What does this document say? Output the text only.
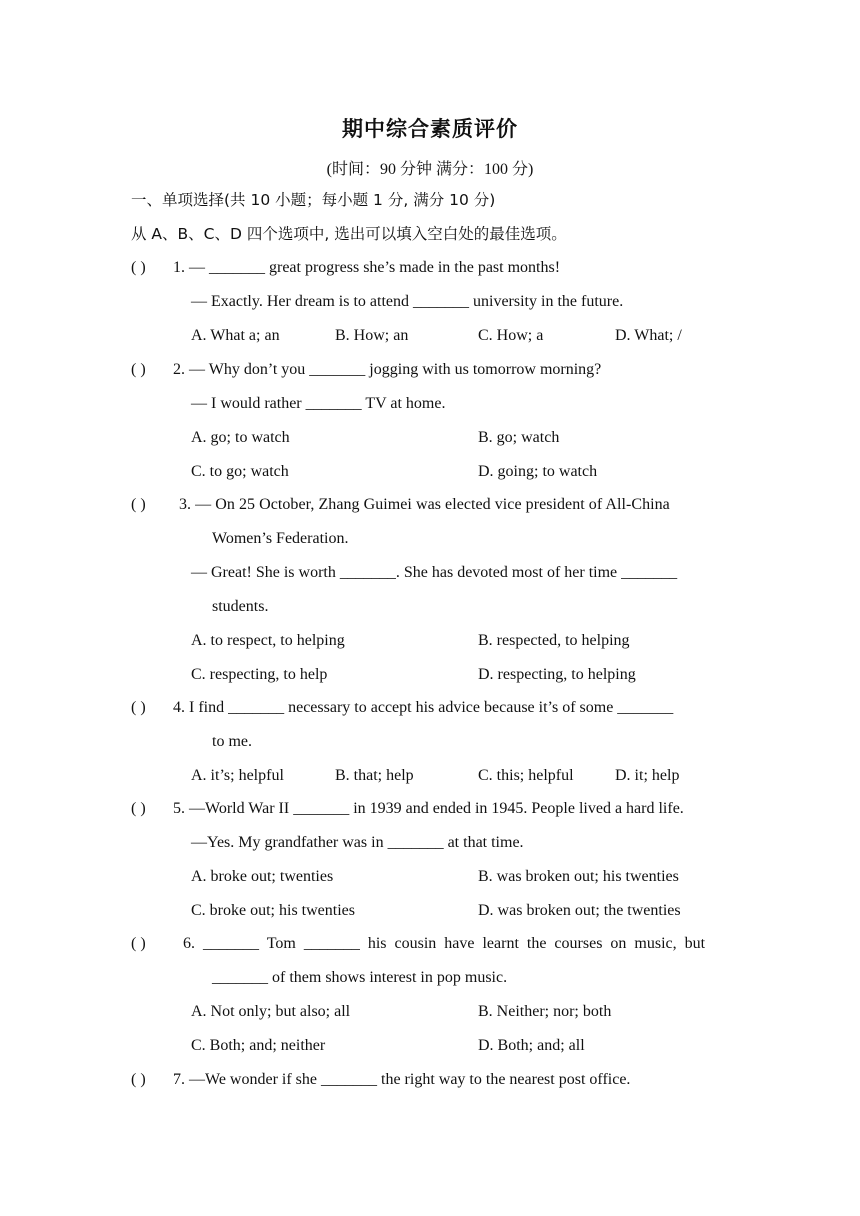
期中综合素质评价
(时间：90 分钟 满分：100 分)
一、单项选择(共 10 小题；每小题 1 分, 满分 10 分)
从 A、B、C、D 四个选项中, 选出可以填入空白处的最佳选项。
( ) 1. — _______ great progress she’s made in the past months!
— Exactly. Her dream is to attend _______ university in the future.
A. What a; an	B. How; an	C. How; a	D. What; /
( ) 2. — Why don’t you _______ jogging with us tomorrow morning?
— I would rather _______ TV at home.
A. go; to watch	B. go; watch
C. to go; watch	D. going; to watch
( ) 3. — On 25 October, Zhang Guimei was elected vice president of All-China
Women’s Federation.
— Great! She is worth _______. She has devoted most of her time _______
students.
A. to respect, to helping	B. respected, to helping
C. respecting, to help	D. respecting, to helping
( ) 4. I find _______ necessary to accept his advice because it’s of some _______
to me.
A. it’s; helpful	B. that; help	C. this; helpful	D. it; help
( ) 5. —World War II _______ in 1939 and ended in 1945. People lived a hard life.
—Yes. My grandfather was in _______ at that time.
A. broke out; twenties	B. was broken out; his twenties
C. broke out; his twenties	D. was broken out; the twenties
( ) 6. _______ Tom _______ his cousin have learnt the courses on music, but
_______ of them shows interest in pop music.
A. Not only; but also; all	B. Neither; nor; both
C. Both; and; neither	D. Both; and; all
( ) 7. —We wonder if she _______ the right way to the nearest post office.
